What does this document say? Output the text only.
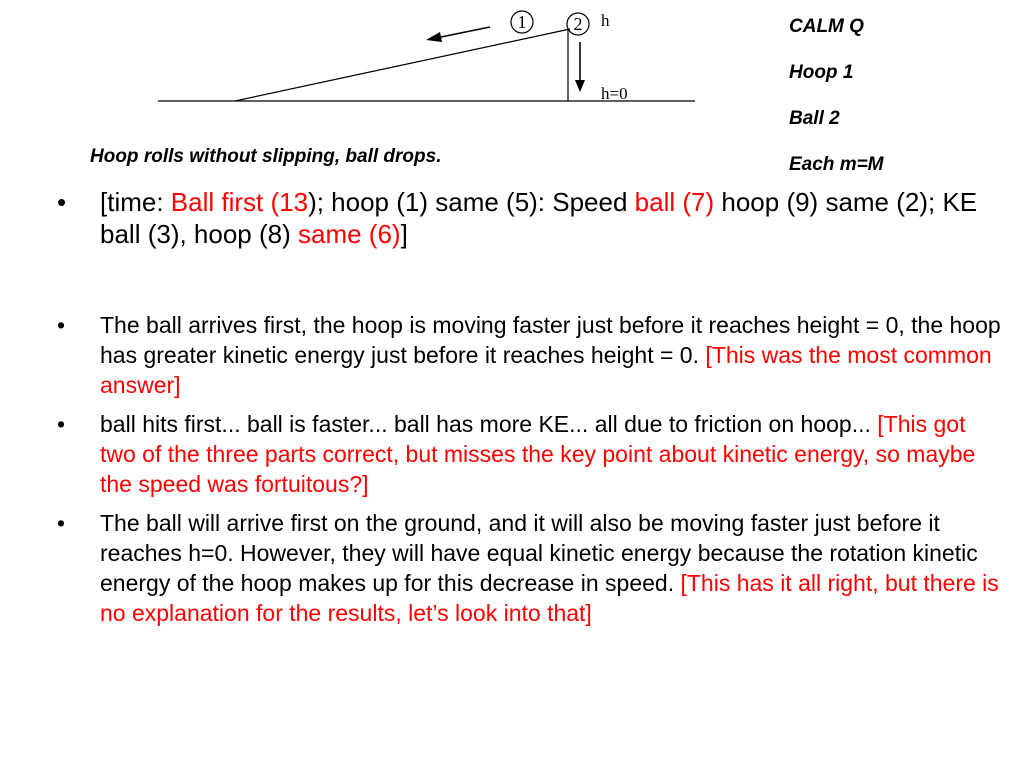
1	2 h
h=0
CALM Q
Hoop 1
Ball 2
Each m=M
Hoop rolls without slipping, ball drops.
• [time: Ball first (13); hoop (1) same (5): Speed ball (7) hoop (9) same (2); KE ball (3), hoop (8) same (6)]
• The ball arrives first, the hoop is moving faster just before it reaches height = 0, the hoop has greater kinetic energy just before it reaches height = 0. [This was the most common answer]
• ball hits first... ball is faster... ball has more KE... all due to friction on hoop... [This got two of the three parts correct, but misses the key point about kinetic energy, so maybe the speed was fortuitous?]
• The ball will arrive first on the ground, and it will also be moving faster just before it reaches h=0. However, they will have equal kinetic energy because the rotation kinetic energy of the hoop makes up for this decrease in speed. [This has it all right, but there is no explanation for the results, let’s look into that]
